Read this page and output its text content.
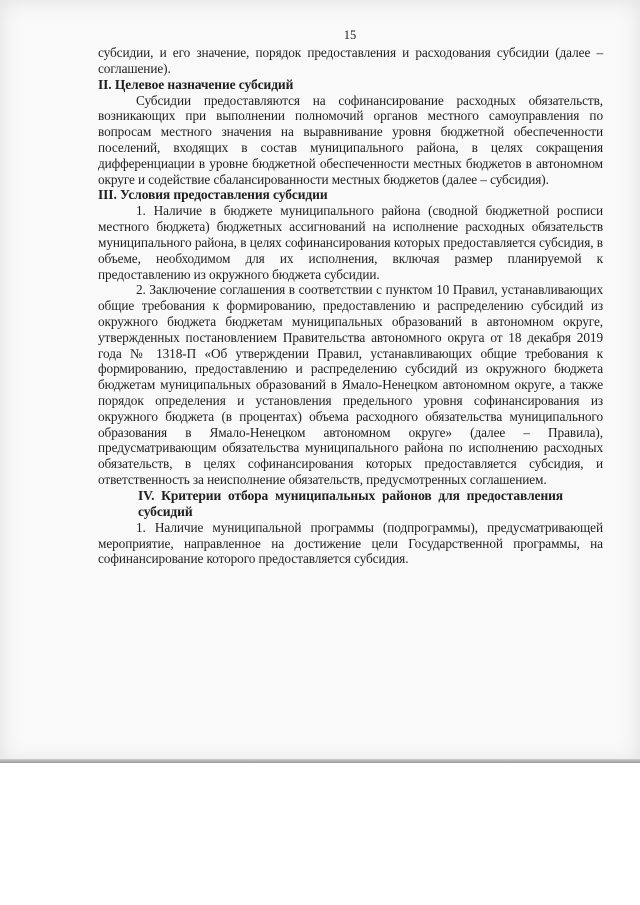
15

субсидии, и его значение, порядок предоставления и расходования субсидии (далее – соглашение).

II. Целевое назначение субсидий

Субсидии предоставляются на софинансирование расходных обязательств, возникающих при выполнении полномочий органов местного самоуправления по вопросам местного значения на выравнивание уровня бюджетной обеспеченности поселений, входящих в состав муниципального района, в целях сокращения дифференциации в уровне бюджетной обеспеченности местных бюджетов в автономном округе и содействие сбалансированности местных бюджетов (далее – субсидия).

III. Условия предоставления субсидии

1. Наличие в бюджете муниципального района (сводной бюджетной росписи местного бюджета) бюджетных ассигнований на исполнение расходных обязательств муниципального района, в целях софинансирования которых предоставляется субсидия, в объеме, необходимом для их исполнения, включая размер планируемой к предоставлению из окружного бюджета субсидии.

2. Заключение соглашения в соответствии с пунктом 10 Правил, устанавливающих общие требования к формированию, предоставлению и распределению субсидий из окружного бюджета бюджетам муниципальных образований в автономном округе, утвержденных постановлением Правительства автономного округа от 18 декабря 2019 года № 1318-П «Об утверждении Правил, устанавливающих общие требования к формированию, предоставлению и распределению субсидий из окружного бюджета бюджетам муниципальных образований в Ямало-Ненецком автономном округе, а также порядок определения и установления предельного уровня софинансирования из окружного бюджета (в процентах) объема расходного обязательства муниципального образования в Ямало-Ненецком автономном округе» (далее – Правила), предусматривающим обязательства муниципального района по исполнению расходных обязательств, в целях софинансирования которых предоставляется субсидия, и ответственность за неисполнение обязательств, предусмотренных соглашением.

IV. Критерии отбора муниципальных районов для предоставления субсидий

1. Наличие муниципальной программы (подпрограммы), предусматривающей мероприятие, направленное на достижение цели Государственной программы, на софинансирование которого предоставляется субсидия.
